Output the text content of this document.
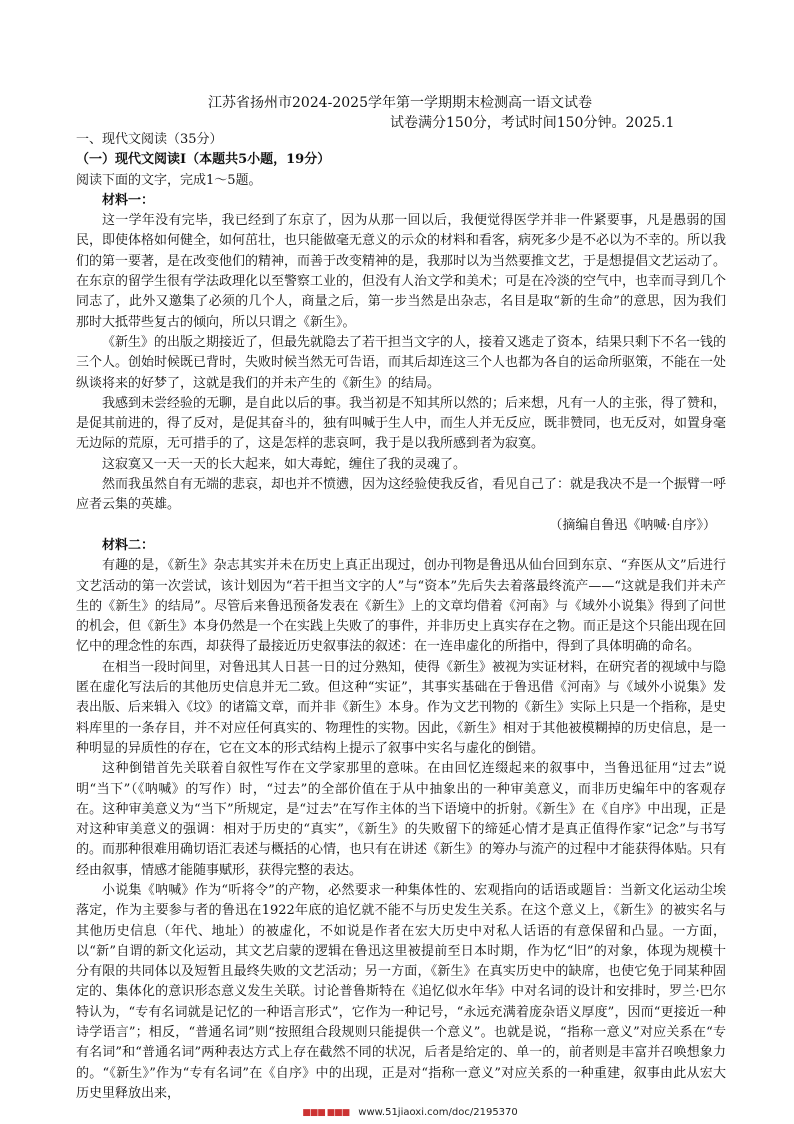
江苏省扬州市2024-2025学年第一学期期末检测高一语文试卷
试卷满分150分，考试时间150分钟。2025.1

一、现代文阅读（35分）

（一）现代文阅读I（本题共5小题，19分）

阅读下面的文字，完成1～5题。

材料一：

这一学年没有完毕，我已经到了东京了，因为从那一回以后，我便觉得医学并非一件紧要事，凡是愚弱的国民，即使体格如何健全，如何茁壮，也只能做毫无意义的示众的材料和看客，病死多少是不必以为不幸的。所以我们的第一要著，是在改变他们的精神，而善于改变精神的是，我那时以为当然要推文艺，于是想提倡文艺运动了。在东京的留学生很有学法政理化以至警察工业的，但没有人治文学和美术；可是在冷淡的空气中，也幸而寻到几个同志了，此外又邀集了必须的几个人，商量之后，第一步当然是出杂志，名目是取“新的生命”的意思，因为我们那时大抵带些复古的倾向，所以只谓之《新生》。

《新生》的出版之期接近了，但最先就隐去了若干担当文字的人，接着又逃走了资本，结果只剩下不名一钱的三个人。创始时候既已背时，失败时候当然无可告语，而其后却连这三个人也都为各自的运命所驱策，不能在一处纵谈将来的好梦了，这就是我们的并未产生的《新生》的结局。

我感到未尝经验的无聊，是自此以后的事。我当初是不知其所以然的；后来想，凡有一人的主张，得了赞和，是促其前进的，得了反对，是促其奋斗的，独有叫喊于生人中，而生人并无反应，既非赞同，也无反对，如置身毫无边际的荒原，无可措手的了，这是怎样的悲哀呵，我于是以我所感到者为寂寞。

这寂寞又一天一天的长大起来，如大毒蛇，缠住了我的灵魂了。

然而我虽然自有无端的悲哀，却也并不愤懑，因为这经验使我反省，看见自己了：就是我决不是一个振臂一呼应者云集的英雄。

（摘编自鲁迅《呐喊·自序》）

材料二：

有趣的是，《新生》杂志其实并未在历史上真正出现过，创办刊物是鲁迅从仙台回到东京、“弃医从文”后进行文艺活动的第一次尝试，该计划因为“若干担当文字的人”与“资本”先后失去着落最终流产——“这就是我们并未产生的《新生》的结局”。尽管后来鲁迅预备发表在《新生》上的文章均借着《河南》与《域外小说集》得到了问世的机会，但《新生》本身仍然是一个在实践上失败了的事件，并非历史上真实存在之物。而正是这个只能出现在回忆中的理念性的东西，却获得了最接近历史叙事法的叙述：在一连串虚化的所指中，得到了具体明确的命名。

在相当一段时间里，对鲁迅其人日甚一日的过分熟知，使得《新生》被视为实证材料，在研究者的视域中与隐匿在虚化写法后的其他历史信息并无二致。但这种“实证”，其事实基础在于鲁迅借《河南》与《域外小说集》发表出版、后来辑入《坟》的诸篇文章，而并非《新生》本身。作为文艺刊物的《新生》实际上只是一个指称，是史料库里的一条存目，并不对应任何真实的、物理性的实物。因此，《新生》相对于其他被模糊掉的历史信息，是一种明显的异质性的存在，它在文本的形式结构上提示了叙事中实名与虚化的倒错。

这种倒错首先关联着自叙性写作在文学家那里的意味。在由回忆连缀起来的叙事中，当鲁迅征用“过去”说明“当下”（《呐喊》的写作）时，“过去”的全部价值在于从中抽象出的一种审美意义，而非历史编年中的客观存在。这种审美意义为“当下”所规定，是“过去”在写作主体的当下语境中的折射。《新生》在《自序》中出现，正是对这种审美意义的强调：相对于历史的“真实”，《新生》的失败留下的缔延心情才是真正值得作家“记念”与书写的。而那种很难用确切语汇表述与概括的心情，也只有在讲述《新生》的筹办与流产的过程中才能获得体贴。只有经由叙事，情感才能随事赋形，获得完整的表达。

小说集《呐喊》作为“听将令”的产物，必然要求一种集体性的、宏观指向的话语或题旨：当新文化运动尘埃落定，作为主要参与者的鲁迅在1922年底的追忆就不能不与历史发生关系。在这个意义上，《新生》的被实名与其他历史信息（年代、地址）的被虚化，不如说是作者在宏大历史中对私人话语的有意保留和凸显。一方面，以“新”自谓的新文化运动，其文艺启蒙的逻辑在鲁迅这里被提前至日本时期，作为忆“旧”的对象，体现为规模十分有限的共同体以及短暂且最终失败的文艺活动；另一方面，《新生》在真实历史中的缺席，也使它免于同某种固定的、集体化的意识形态意义发生关联。讨论普鲁斯特在《追忆似水年华》中对名词的设计和安排时，罗兰·巴尔特认为，“专有名词就是记忆的一种语言形式”，它作为一种记号，“永远充满着庞杂语义厚度”，因而“更接近一种诗学语言”；相反，“普通名词”则“按照组合段规则只能提供一个意义”。也就是说，“指称一意义”对应关系在“专有名词”和“普通名词”两种表达方式上存在截然不同的状况，后者是给定的、单一的，前者则是丰富并召唤想象力的。“《新生》”作为“专有名词”在《自序》中的出现，正是对“指称一意义”对应关系的一种重建，叙事由此从宏大历史里释放出来，

■■■ ■■■ www.51jiaoxi.com/doc/2195370
